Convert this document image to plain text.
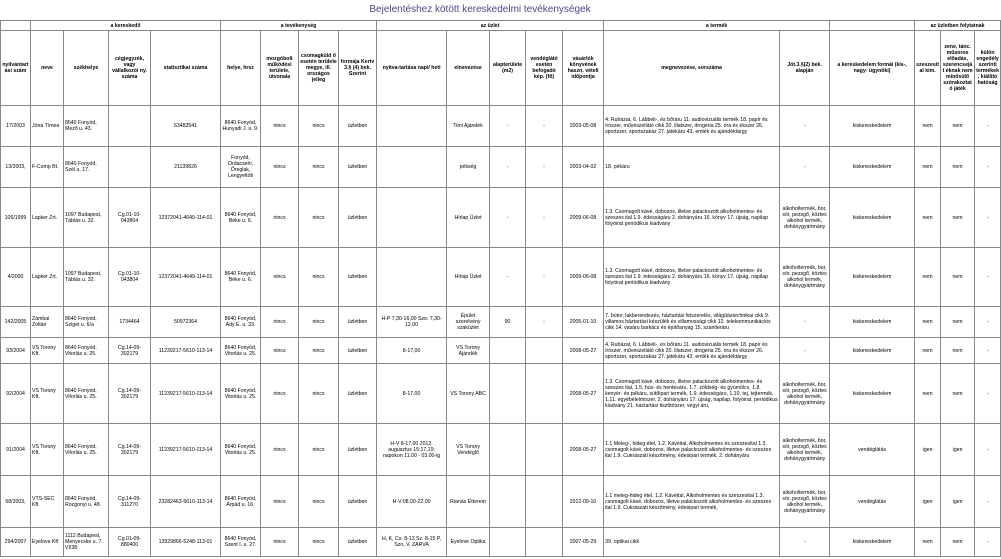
Bejelentéshez kötött kereskedelmi tevékenységek
	a kereskedő				a tevékenység				az üzlet					a termék			az üzletben folytatnak		
nyilvántart ási szám	neve	székhelye	cégjegyzék, vagy vállalkozói ny. száma	statisztikai száma	helye, hrsz	mozgóbolt működési területe, útvonala	csomagküld ő esetén területe megye, ill. országos jelleg	formája Kertv 3.§ (4) bek. Szerint	nyitva-tartása napi/ heti	elnevezése	alapterülete (m2)	vendéglátó esetén befogadó kép. (fő)	vásárlók könyvének haszn. vételi időpontja	megnevezése, sorszáma	Jöt.3.§(2) bek. alapján	a kereskedelem formái (kis-, nagy- ügynöki)	szeszesital kim.	zene, tánc. műsoros előadás, szerencseját éknak nem minősülő szórakoztat ó játék	külön engedély szerinti termékek, kiállító hatóság
17/2003	Jóna Tímea	8640 Fonyód, Mező u. 43.		63483541	8640 Fonyód, Hunyadi J. u. 9.	nincs	nincs	üzletben		Timi Ajándék	-	-	2003-05-08	4. Ruházat, 6. Lábbeli-, és bőráru 11. audiovizuális termék 18. papír és írószer, művészellátó cikk 20. illatszer, drogéria 25. óra és ékszer 26. sportszer, sportszakáz 27. játékáru 43. emlék és ajándéktárgy	-	kiskereskedelem	nem	nem	-
13/2003,	F-Comp Bt.	8640 Fonyód, Szél u. 17.		21139826	Fonyód, Ordacsehi, Öreglak, Lengyeltóti	nincs	nincs	üzletben		pékség	-	-	2003-04-02	18. pékáru	-	kiskereskedelem	nem	nem	-
106/1999	Lapker Zrt.	1097 Budapest, Táblás u. 32.	Cg.01-10-043804	12372041-4649-114-01	8640 Fonyód, Béke u. 6.	nincs	nincs	üzletben		Hírlap Üzlet	-	-	2009-06-08	1.3. Csomagolt kávé, dobozos, illetve palackozott alkoholmentes- és szeszes ital 1.9. édesságáru 2. dohányáru 16. könyv 17. újság, napilap folyóirat periódikus kiadvány	alkoholtermék, bor, sör, pezsgő, köztes alkohol termék, dohánygyártmány	kiskereskedelem	nem	nem	-
4/2000	Lapker Zrt.	1097 Budapest, Táblás u. 32.	Cg.01-10-043804	12372041-4649-114-01	8640 Fonyód, Béke u. 6.	nincs	nincs	üzletben		Hírlap Üzlet	-	-	2009-06-08	1.3. Csomagolt kávé, dobozos, illetve palackozott alkoholmentes- és szeszes ital 1.9. édesságáru 2. dohányáru 16. könyv 17. újság, napilap folyóirat periódikus kiadvány	alkoholtermék, bor, sör, pezsgő, köztes alkohol termék, dohánygyártmány	kiskereskedelem	nem	nem	-
142/2005	Zámbai Zoltán	8640 Fonyód, Sziget u. 6/a	1734464	50972364	8640 Fonyód, Ady E. u. 33.	nincs	nincs	üzletben	H-P 7,30-16,00 Szo: 7,30-12,00	Épület szerelvény szaküzlet	90	-	2005-01-10	7. bútor, lakberendezés, háztartási felszerelés, világítástechnikai cikk 9. villamos háztartási készülék és villamossági cikk 12. telekommunikációs cikk 14. vasáru barkács és építőanyag 15. szaniteráru	-	kiskereskedelem	nem	nem	-
93/2004	VS Torony Kft.	8640 Fonyód, Vitorlás u. 25.	Cg.14-09-302179	11239217-5610-113-14	8640 Fonyód, Vitorlás u. 25.	nincs	nincs	üzletben	8-17,00	VS Torony Ajándék			2008-05-27	4. Ruházat, 6. Lábbeli-, és bőráru 11. audiovizuális termék 18. papír és írószer, művészellátó cikk 20. illatszer, drogéria 25. óra és ékszer 26. sportszer, sportszakáz 27. játékáru 43. emlék és ajándéktárgy	-	kiskereskedelem	nem	nem	-
92/2004	VS Torony Kft.	8640 Fonyód, Vitorlás u. 25.	Cg.14-09-302179	11239217-5610-113-14	8640 Fonyód, Vitorlás u. 25.	nincs	nincs	üzletben	8-17,00	VS Torony ABC			2008-05-27	1.3. Csomagolt kávé, dobozos, illetve palackozott alkoholmentes- és szeszes ital, 1.5. hús- és hentesáru, 1.7. zöldség- és gyümölcs, 1.8. kenyér- és pékáru, sütőipari termék, 1.9. édességáru, 1.10. tej, tejtermék, 1.11. egyébélelmiszer, 2. dohányáru 17. újság, napilap, folyóirat, periódikus kiadvány 21. háztartási tisztítószer, vegyi áru,	alkoholtermék, bor, sör, pezsgő, köztes alkohol termék, dohánygyártmány	kiskereskedelem	nem	nem	-
91/2004	VS Torony Kft.	8640 Fonyód, Vitorlás u. 25.	Cg.14-09-302179	11239217-5610-113-14	8640 Fonyód, Vitorlás u. 25.	nincs	nincs	üzletben	H-V 8-17,00 2012. augusztus 15;17,19; napokon 11.00 - 03.00-ig	VS Torony Vendéglő			2008-05-27	1.1 Meleg-, hideg étel, 1.2. Kávéital, Alkoholmentes és szeszesital 1.3. csomagolt kávé, dobozos, illetve palackozott alkoholmentes- és szeszes ital 1.9. Cukrászati készítmény, édesipari termék, 2. dohányáru	alkoholtermék, bor, sör, pezsgő, köztes alkohol termék, dohánygyártmány	vendéglátás	igen	igen	-
68/2003,	VTS-SEC Kft	8640 Fonyód, Rozgonyi u. 48.	Cg.14-09-311270	23282463-5610-113-14	8640 Fonyód, Árpád u. 16.	nincs	nincs	üzletben	H-V:08.00-22.00	Rianás Étterem			2012-09-10	1.1 meleg-hideg étel, 1.2. Kávéital, Alkoholmentes és szeszesital 1.3. csomagolt kávé, dobozos, illetve palackozott alkoholmentes- és szeszes ital 1.9. Cukrászati készítmény, édesipari termék,	alkoholtermék, bor, sör, pezsgő, köztes alkohol termék, dohánygyártmány	vendéglátás	igen	igen	-
294/2007	Eyelove Kft	1112 Budapest, Menyecske u. 7. VI/38.	Cg.01-09-880400	13929866-5248-113-01	8640 Fonyód, Szent I. u. 27.	nincs	nincs	üzletben	H, K, Cs. 8-13 Sz. 8-15 P, Szo, V, ZÁRVA	Eyelove Optika			2007-05-29	39. optikai cikk	-	kiskereskedelem	nem	nem	-
